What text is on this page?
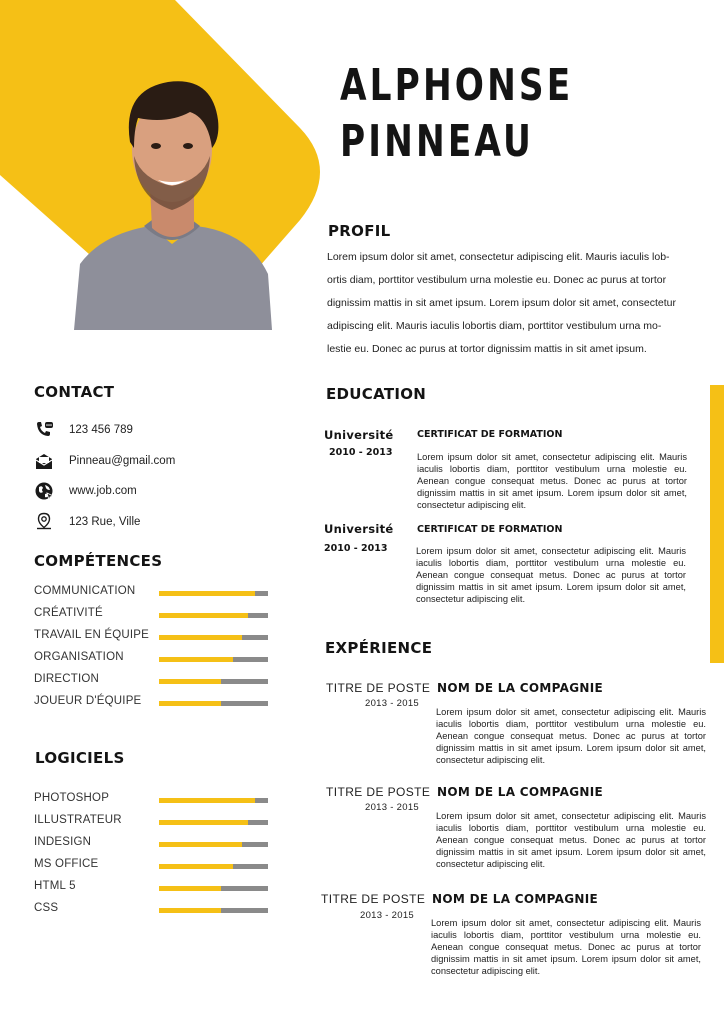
ALPHONSE
PINNEAU
PROFIL
Lorem ipsum dolor sit amet, consectetur adipiscing elit. Mauris iaculis lob-
ortis diam, porttitor vestibulum urna molestie eu. Donec ac purus at tortor
dignissim mattis in sit amet ipsum. Lorem ipsum dolor sit amet, consectetur
adipiscing elit. Mauris iaculis lobortis diam, porttitor vestibulum urna mo-
lestie eu. Donec ac purus at tortor dignissim mattis in sit amet ipsum.
CONTACT
123 456 789
Pinneau@gmail.com
www.job.com
123 Rue, Ville
COMPÉTENCES
COMMUNICATION
CRÉATIVITÉ
TRAVAIL EN ÉQUIPE
ORGANISATION
DIRECTION
JOUEUR D'ÉQUIPE
LOGICIELS
PHOTOSHOP
ILLUSTRATEUR
INDESIGN
MS OFFICE
HTML 5
CSS
EDUCATION
Université
2010 - 2013
CERTIFICAT DE FORMATION
Lorem ipsum dolor sit amet, consectetur adipiscing elit. Mauris iaculis lobortis diam, porttitor vestibulum urna molestie eu. Aenean congue consequat metus. Donec ac purus at tortor dignissim mattis in sit amet ipsum. Lorem ipsum dolor sit amet, consectetur adipiscing elit.
Université
2010 - 2013
CERTIFICAT DE FORMATION
Lorem ipsum dolor sit amet, consectetur adipiscing elit. Mauris iaculis lobortis diam, porttitor vestibulum urna molestie eu. Aenean congue consequat metus. Donec ac purus at tortor dignissim mattis in sit amet ipsum. Lorem ipsum dolor sit amet, consectetur adipiscing elit.
EXPÉRIENCE
TITRE DE POSTE
2013 - 2015
NOM DE LA COMPAGNIE
Lorem ipsum dolor sit amet, consectetur adipiscing elit. Mauris iaculis lobortis diam, porttitor vestibulum urna molestie eu. Aenean congue consequat metus. Donec ac purus at tortor dignissim mattis in sit amet ipsum. Lorem ipsum dolor sit amet, consectetur adipiscing elit.
TITRE DE POSTE
2013 - 2015
NOM DE LA COMPAGNIE
Lorem ipsum dolor sit amet, consectetur adipiscing elit. Mauris iaculis lobortis diam, porttitor vestibulum urna molestie eu. Aenean congue consequat metus. Donec ac purus at tortor dignissim mattis in sit amet ipsum. Lorem ipsum dolor sit amet, consectetur adipiscing elit.
TITRE DE POSTE
2013 - 2015
NOM DE LA COMPAGNIE
Lorem ipsum dolor sit amet, consectetur adipiscing elit. Mauris iaculis lobortis diam, porttitor vestibulum urna molestie eu. Aenean congue consequat metus. Donec ac purus at tortor dignissim mattis in sit amet ipsum. Lorem ipsum dolor sit amet, consectetur adipiscing elit.
